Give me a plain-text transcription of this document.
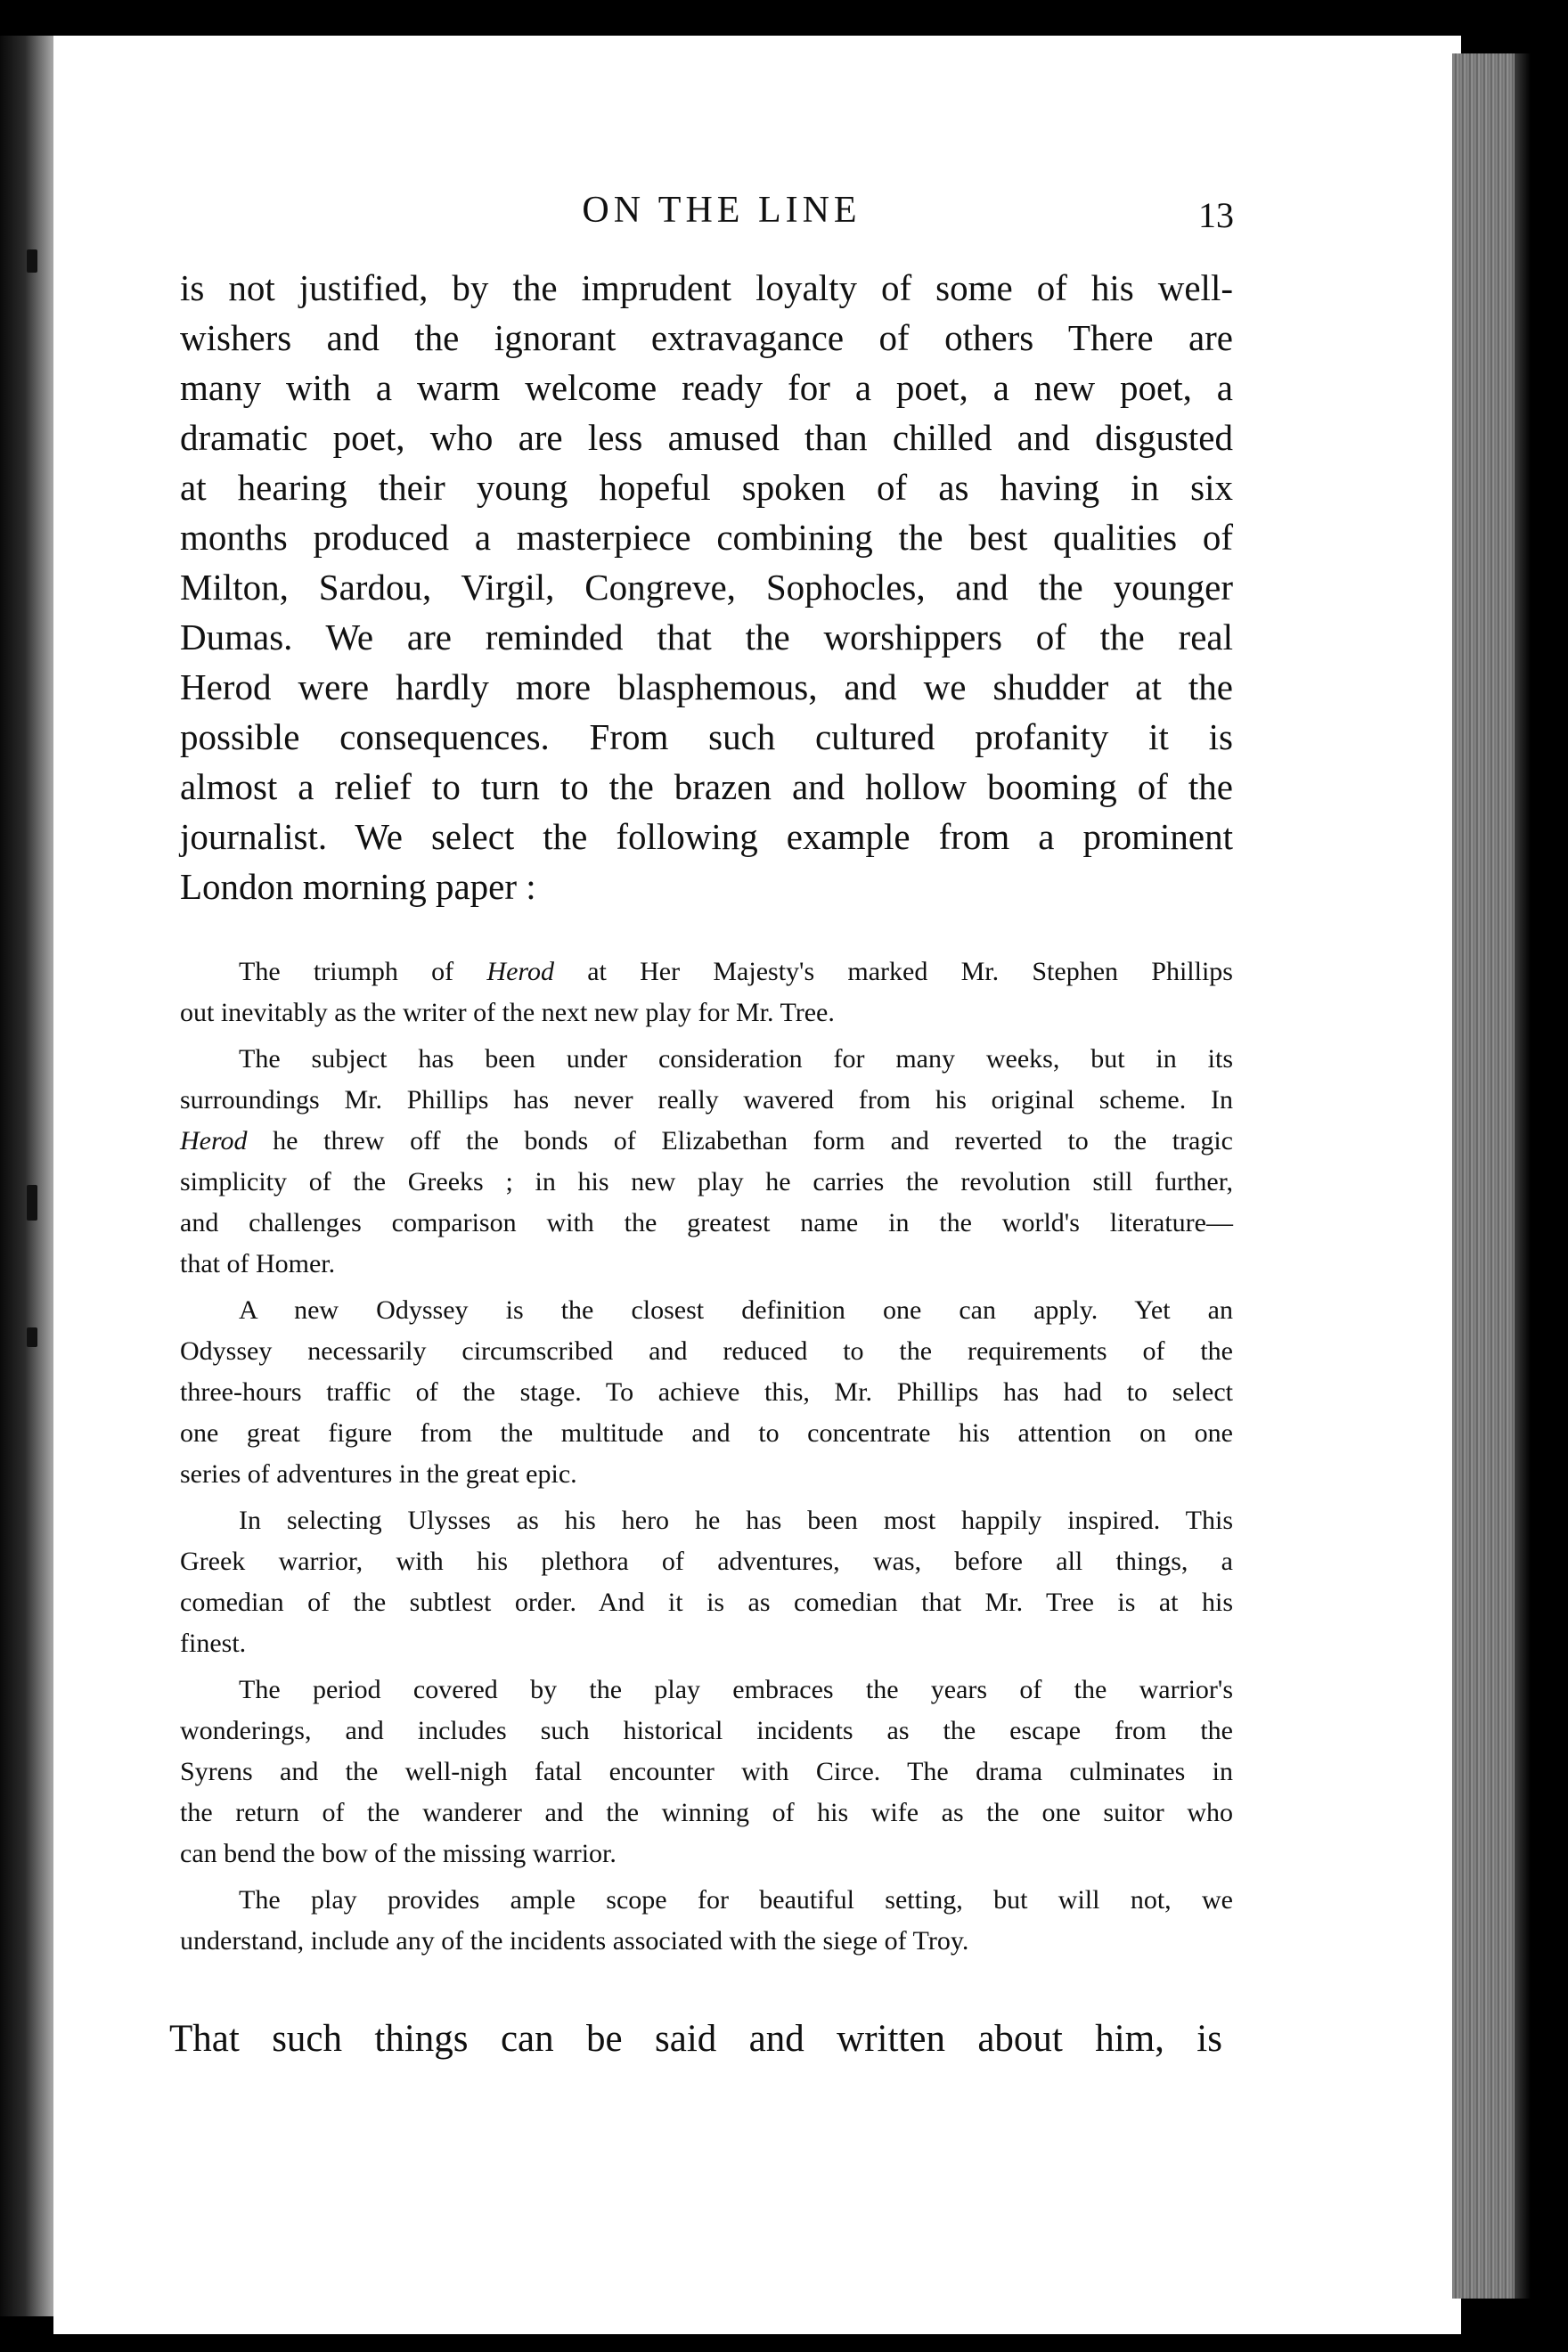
ON THE LINE	13
is not justified, by the imprudent loyalty of some of his well-
wishers and the ignorant extravagance of others There are
many with a warm welcome ready for a poet, a new poet, a
dramatic poet, who are less amused than chilled and disgusted
at hearing their young hopeful spoken of as having in six
months produced a masterpiece combining the best qualities of
Milton, Sardou, Virgil, Congreve, Sophocles, and the younger
Dumas. We are reminded that the worshippers of the real
Herod were hardly more blasphemous, and we shudder at the
possible consequences. From such cultured profanity it is
almost a relief to turn to the brazen and hollow booming of the
journalist. We select the following example from a prominent
London morning paper :
The triumph of Herod at Her Majesty's marked Mr. Stephen Phillips
out inevitably as the writer of the next new play for Mr. Tree.
The subject has been under consideration for many weeks, but in its
surroundings Mr. Phillips has never really wavered from his original scheme. In
Herod he threw off the bonds of Elizabethan form and reverted to the tragic
simplicity of the Greeks ; in his new play he carries the revolution still further,
and challenges comparison with the greatest name in the world's literature—
that of Homer.
A new Odyssey is the closest definition one can apply. Yet an
Odyssey necessarily circumscribed and reduced to the requirements of the
three-hours traffic of the stage. To achieve this, Mr. Phillips has had to select
one great figure from the multitude and to concentrate his attention on one
series of adventures in the great epic.
In selecting Ulysses as his hero he has been most happily inspired. This
Greek warrior, with his plethora of adventures, was, before all things, a
comedian of the subtlest order. And it is as comedian that Mr. Tree is at his
finest.
The period covered by the play embraces the years of the warrior's
wonderings, and includes such historical incidents as the escape from the
Syrens and the well-nigh fatal encounter with Circe. The drama culminates in
the return of the wanderer and the winning of his wife as the one suitor who
can bend the bow of the missing warrior.
The play provides ample scope for beautiful setting, but will not, we
understand, include any of the incidents associated with the siege of Troy.
That such things can be said and written about him, is
